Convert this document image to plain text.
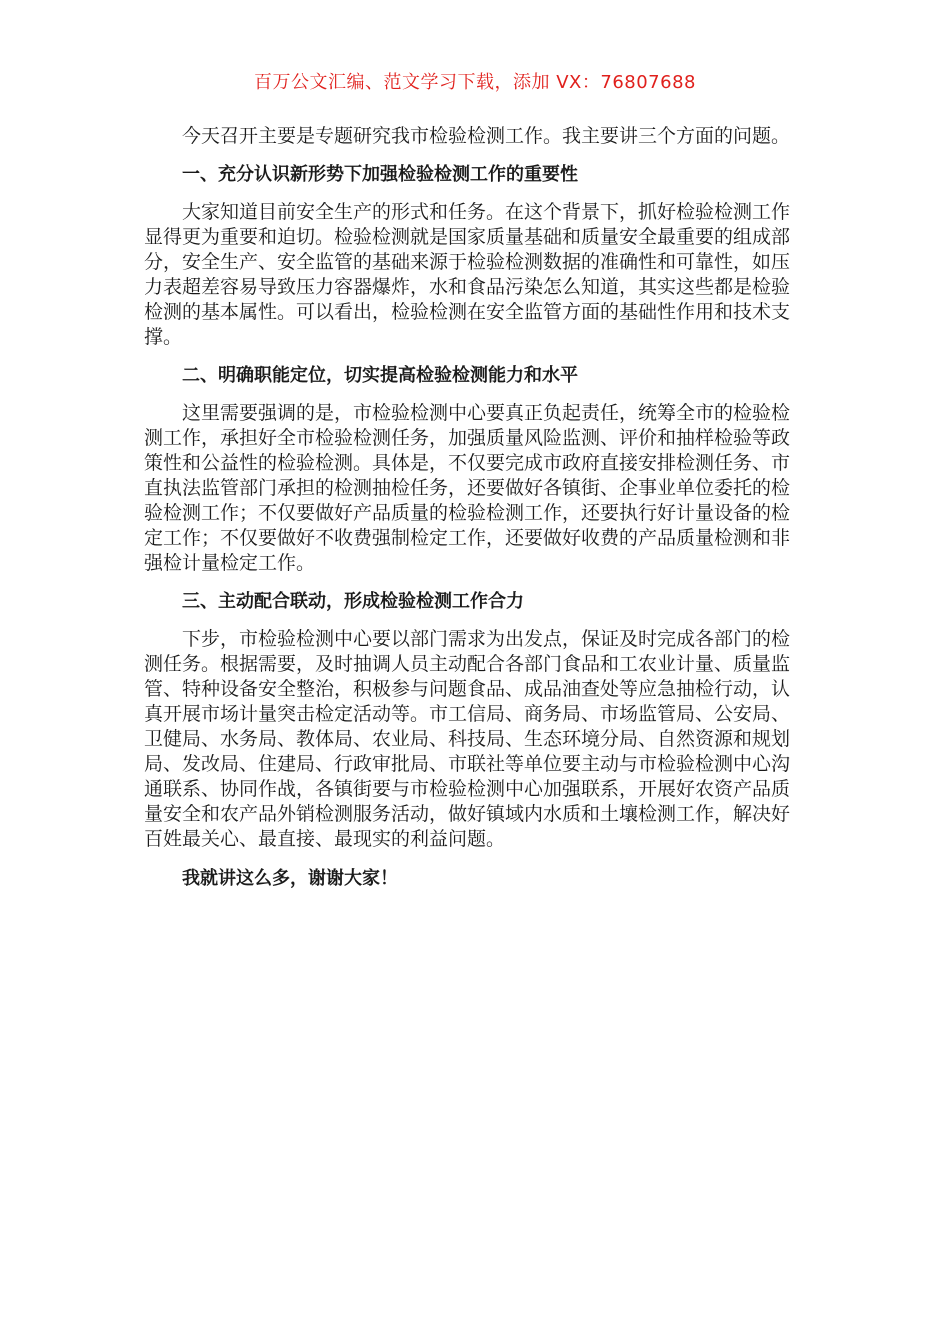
百万公文汇编、范文学习下载，添加 VX：76807688

今天召开主要是专题研究我市检验检测工作。我主要讲三个方面的问题。

一、充分认识新形势下加强检验检测工作的重要性

大家知道目前安全生产的形式和任务。在这个背景下，抓好检验检测工作显得更为重要和迫切。检验检测就是国家质量基础和质量安全最重要的组成部分，安全生产、安全监管的基础来源于检验检测数据的准确性和可靠性，如压力表超差容易导致压力容器爆炸，水和食品污染怎么知道，其实这些都是检验检测的基本属性。可以看出，检验检测在安全监管方面的基础性作用和技术支撑。

二、明确职能定位，切实提高检验检测能力和水平

这里需要强调的是，市检验检测中心要真正负起责任，统筹全市的检验检测工作，承担好全市检验检测任务，加强质量风险监测、评价和抽样检验等政策性和公益性的检验检测。具体是，不仅要完成市政府直接安排检测任务、市直执法监管部门承担的检测抽检任务，还要做好各镇街、企事业单位委托的检验检测工作；不仅要做好产品质量的检验检测工作，还要执行好计量设备的检定工作；不仅要做好不收费强制检定工作，还要做好收费的产品质量检测和非强检计量检定工作。

三、主动配合联动，形成检验检测工作合力

下步，市检验检测中心要以部门需求为出发点，保证及时完成各部门的检测任务。根据需要，及时抽调人员主动配合各部门食品和工农业计量、质量监管、特种设备安全整治，积极参与问题食品、成品油查处等应急抽检行动，认真开展市场计量突击检定活动等。市工信局、商务局、市场监管局、公安局、卫健局、水务局、教体局、农业局、科技局、生态环境分局、自然资源和规划局、发改局、住建局、行政审批局、市联社等单位要主动与市检验检测中心沟通联系、协同作战，各镇街要与市检验检测中心加强联系，开展好农资产品质量安全和农产品外销检测服务活动，做好镇域内水质和土壤检测工作，解决好百姓最关心、最直接、最现实的利益问题。

我就讲这么多，谢谢大家！
